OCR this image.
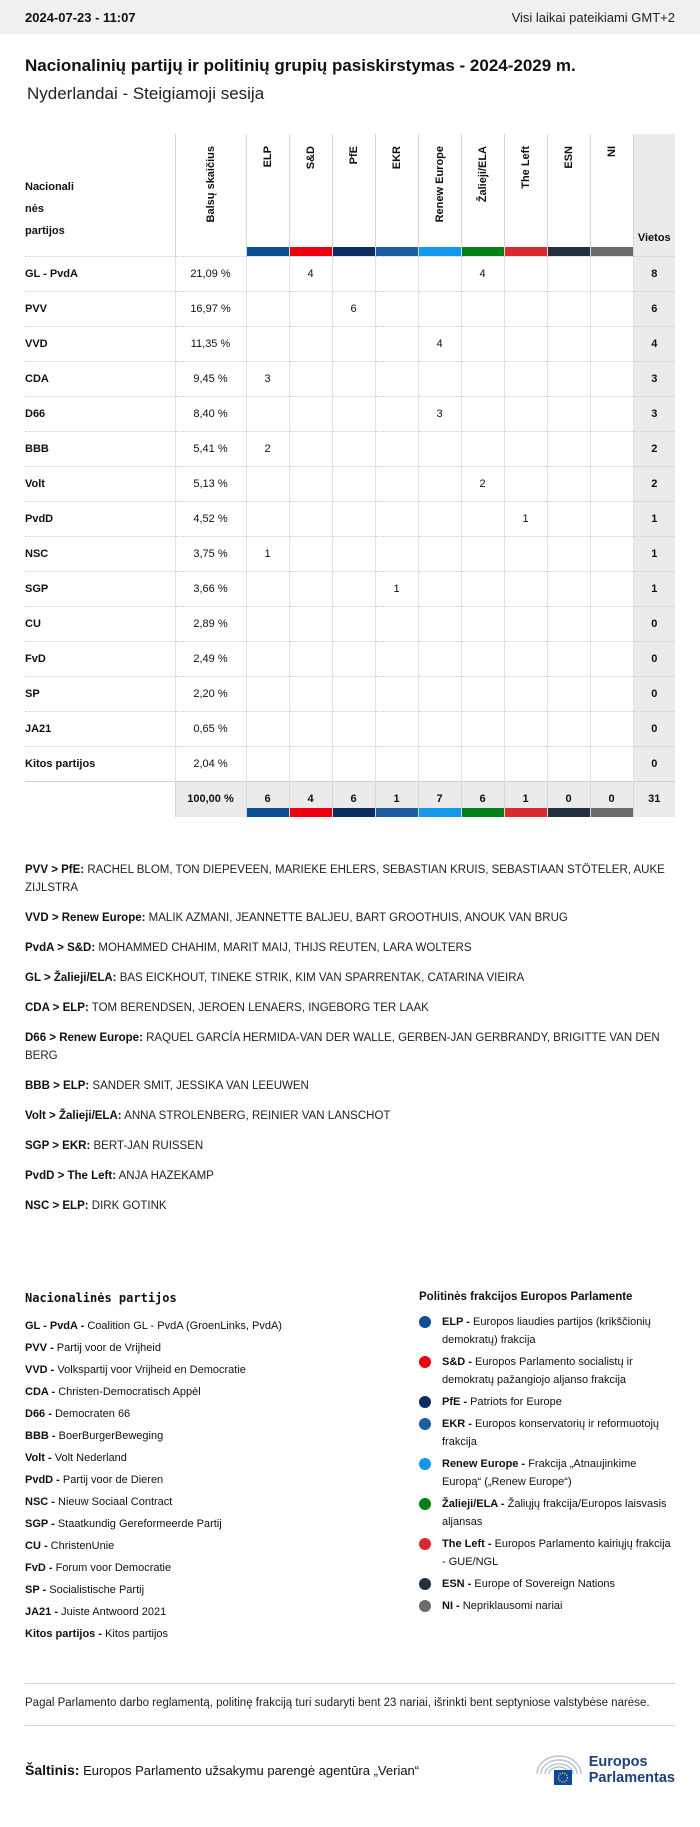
2024-07-23 - 11:07	Visi laikai pateikiami GMT+2
Nacionalinių partijų ir politinių grupių pasiskirstymas - 2024-2029 m.
Nyderlandai - Steigiamoji sesija
Nacionali
nės
partijos	Balsų skaičius	ELP	S&D	PfE	EKR	Renew Europe	Žalieji/ELA	The Left	ESN	NI	Vietos
GL - PvdA	21,09 %		4				4				8
PVV	16,97 %			6							6
VVD	11,35 %					4					4
CDA	9,45 %	3									3
D66	8,40 %					3					3
BBB	5,41 %	2									2
Volt	5,13 %						2				2
PvdD	4,52 %							1			1
NSC	3,75 %	1									1
SGP	3,66 %				1						1
CU	2,89 %										0
FvD	2,49 %										0
SP	2,20 %										0
JA21	0,65 %										0
Kitos partijos	2,04 %										0
	100,00 %	6	4	6	1	7	6	1	0	0	31

PVV > PfE: RACHEL BLOM, TON DIEPEVEEN, MARIEKE EHLERS, SEBASTIAN KRUIS, SEBASTIAAN STÖTELER, AUKE ZIJLSTRA

VVD > Renew Europe: MALIK AZMANI, JEANNETTE BALJEU, BART GROOTHUIS, ANOUK VAN BRUG

PvdA > S&D: MOHAMMED CHAHIM, MARIT MAIJ, THIJS REUTEN, LARA WOLTERS

GL > Žalieji/ELA: BAS EICKHOUT, TINEKE STRIK, KIM VAN SPARRENTAK, CATARINA VIEIRA

CDA > ELP: TOM BERENDSEN, JEROEN LENAERS, INGEBORG TER LAAK

D66 > Renew Europe: RAQUEL GARCÍA HERMIDA-VAN DER WALLE, GERBEN-JAN GERBRANDY, BRIGITTE VAN DEN BERG

BBB > ELP: SANDER SMIT, JESSIKA VAN LEEUWEN

Volt > Žalieji/ELA: ANNA STROLENBERG, REINIER VAN LANSCHOT

SGP > EKR: BERT-JAN RUISSEN

PvdD > The Left: ANJA HAZEKAMP

NSC > ELP: DIRK GOTINK

Nacionalinės partijos
GL - PvdA - Coalition GL - PvdA (GroenLinks, PvdA)
PVV - Partij voor de Vrijheid
VVD - Volkspartij voor Vrijheid en Democratie
CDA - Christen-Democratisch Appèl
D66 - Democraten 66
BBB - BoerBurgerBeweging
Volt - Volt Nederland
PvdD - Partij voor de Dieren
NSC - Nieuw Sociaal Contract
SGP - Staatkundig Gereformeerde Partij
CU - ChristenUnie
FvD - Forum voor Democratie
SP - Socialistische Partij
JA21 - Juiste Antwoord 2021
Kitos partijos - Kitos partijos
Politinės frakcijos Europos Parlamente
ELP - Europos liaudies partijos (krikščionių demokratų) frakcija
S&D - Europos Parlamento socialistų ir demokratų pažangiojo aljanso frakcija
PfE - Patriots for Europe
EKR - Europos konservatorių ir reformuotojų frakcija
Renew Europe - Frakcija „Atnaujinkime Europą“ („Renew Europe“)
Žalieji/ELA - Žaliųjų frakcija/Europos laisvasis aljansas
The Left - Europos Parlamento kairiųjų frakcija - GUE/NGL
ESN - Europe of Sovereign Nations
NI - Nepriklausomi nariai
Pagal Parlamento darbo reglamentą, politinę frakciją turi sudaryti bent 23 nariai, išrinkti bent septyniose valstybėse narėse.
Šaltinis: Europos Parlamento užsakymu parengė agentūra „Verian“
Europos
Parlamentas
